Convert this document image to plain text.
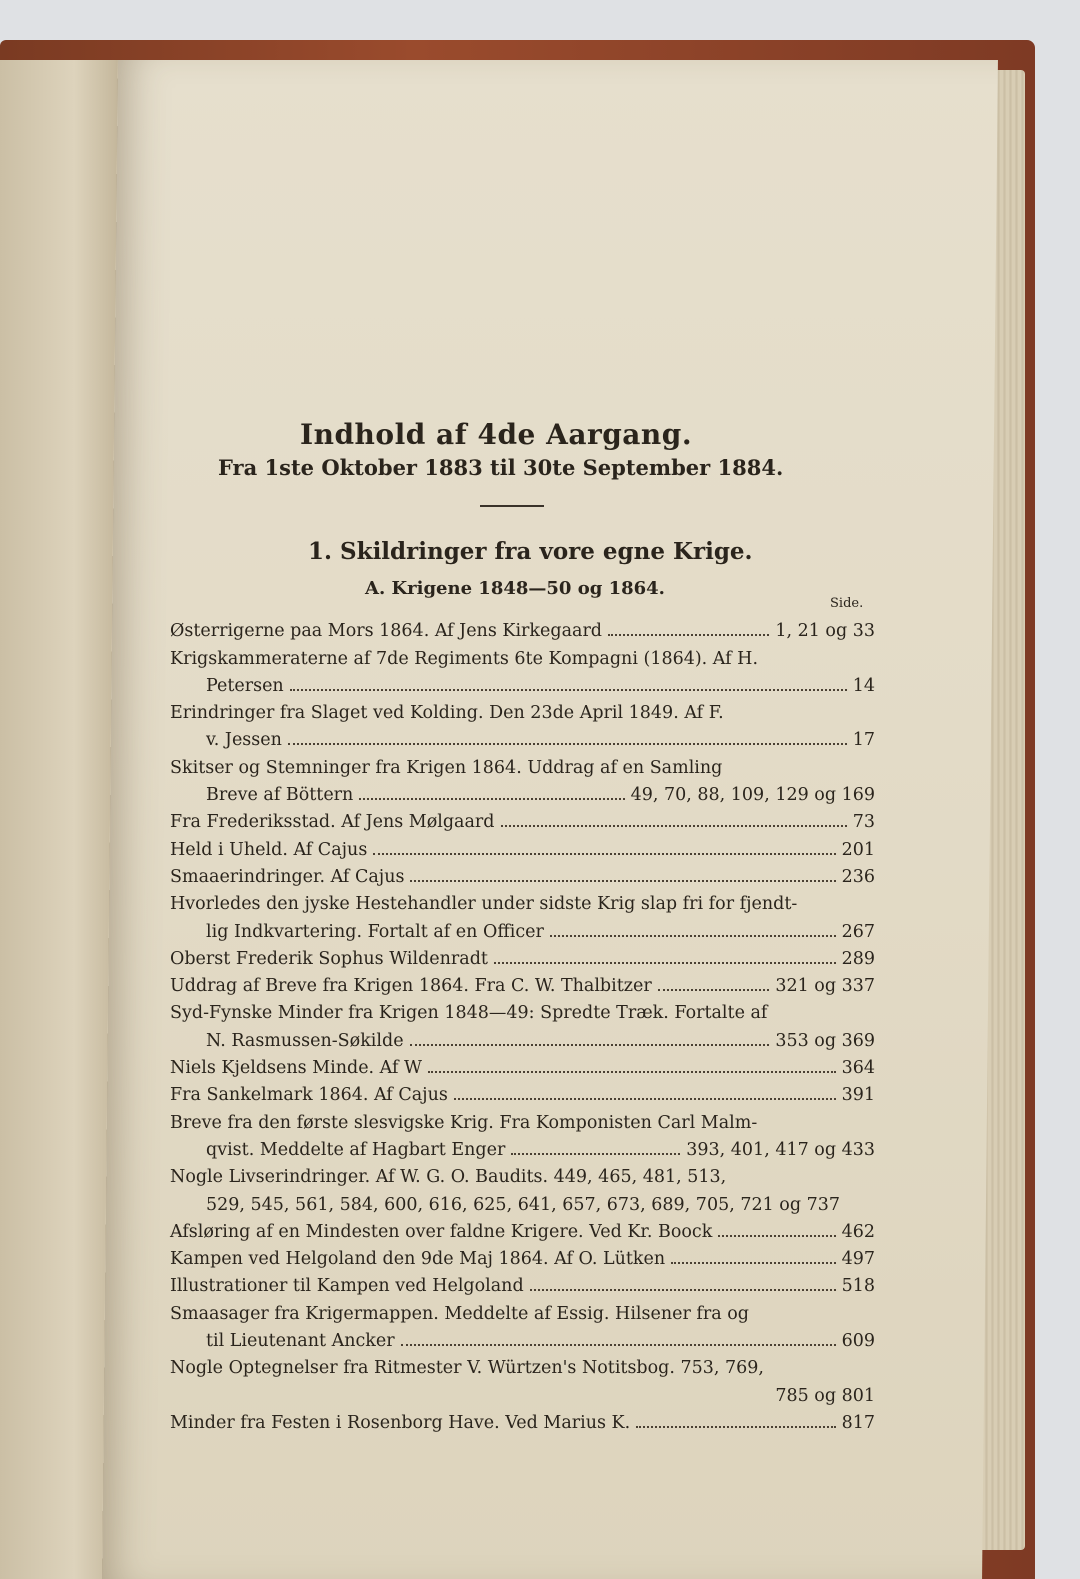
Indhold af 4de Aargang.
Fra 1ste Oktober 1883 til 30te September 1884.
1. Skildringer fra vore egne Krige.
A. Krigene 1848—50 og 1864.
Side.
Østerrigerne paa Mors 1864. Af Jens Kirkegaard	1, 21 og 33
Krigskammeraterne af 7de Regiments 6te Kompagni (1864). Af H.
Petersen	14
Erindringer fra Slaget ved Kolding. Den 23de April 1849. Af F.
v. Jessen	17
Skitser og Stemninger fra Krigen 1864. Uddrag af en Samling
Breve af Böttern	49, 70, 88, 109, 129 og 169
Fra Frederiksstad. Af Jens Mølgaard	73
Held i Uheld. Af Cajus	201
Smaaerindringer. Af Cajus	236
Hvorledes den jyske Hestehandler under sidste Krig slap fri for fjendt-
lig Indkvartering. Fortalt af en Officer	267
Oberst Frederik Sophus Wildenradt	289
Uddrag af Breve fra Krigen 1864. Fra C. W. Thalbitzer	321 og 337
Syd-Fynske Minder fra Krigen 1848—49: Spredte Træk. Fortalte af
N. Rasmussen-Søkilde	353 og 369
Niels Kjeldsens Minde. Af W	364
Fra Sankelmark 1864. Af Cajus	391
Breve fra den første slesvigske Krig. Fra Komponisten Carl Malm-
qvist. Meddelte af Hagbart Enger	393, 401, 417 og 433
Nogle Livserindringer. Af W. G. O. Baudits. 449, 465, 481, 513,
529, 545, 561, 584, 600, 616, 625, 641, 657, 673, 689, 705, 721 og 737
Afsløring af en Mindesten over faldne Krigere. Ved Kr. Boock	462
Kampen ved Helgoland den 9de Maj 1864. Af O. Lütken	497
Illustrationer til Kampen ved Helgoland	518
Smaasager fra Krigermappen. Meddelte af Essig. Hilsener fra og
til Lieutenant Ancker	609
Nogle Optegnelser fra Ritmester V. Würtzen's Notitsbog. 753, 769,
785 og 801
Minder fra Festen i Rosenborg Have. Ved Marius K.	817
